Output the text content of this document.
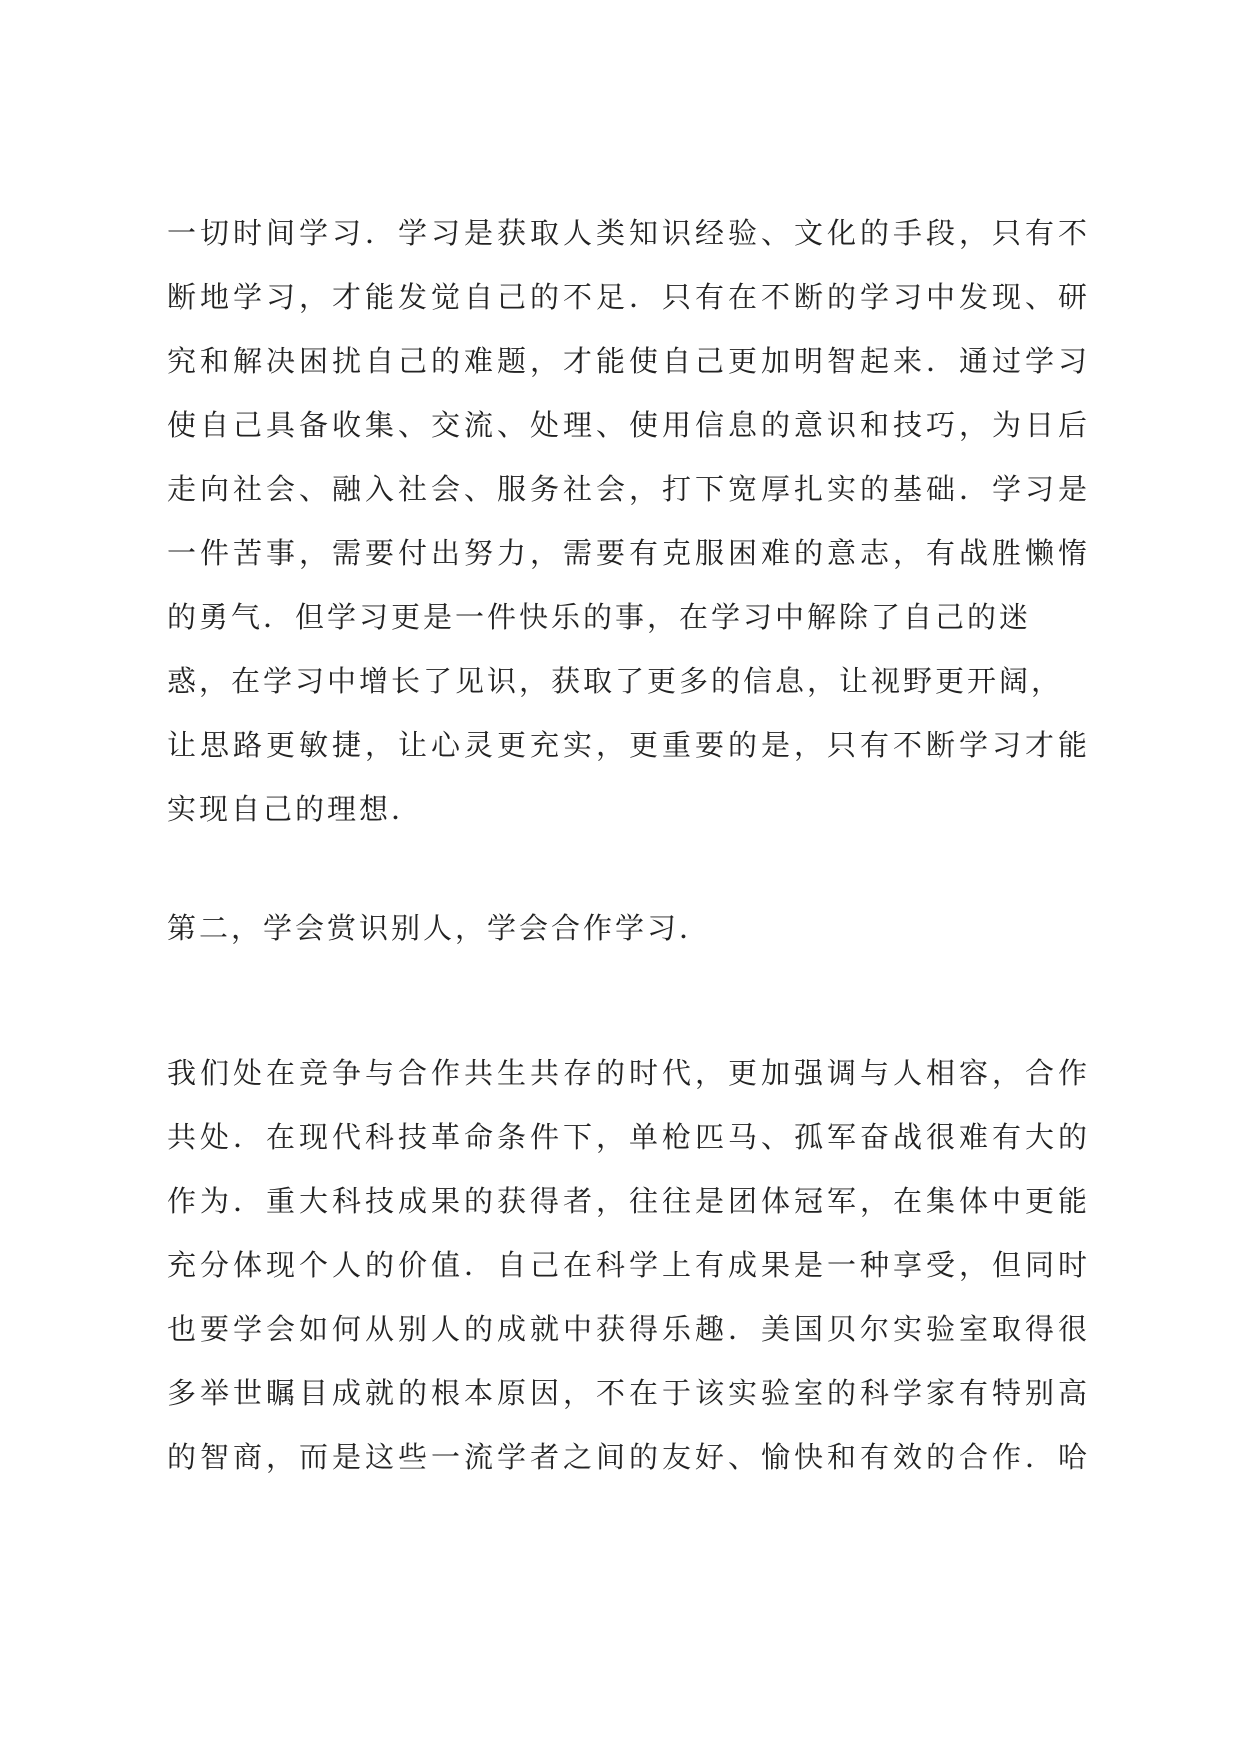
一切时间学习．学习是获取人类知识经验、文化的手段，只有不
断地学习，才能发觉自己的不足．只有在不断的学习中发现、研
究和解决困扰自己的难题，才能使自己更加明智起来．通过学习
使自己具备收集、交流、处理、使用信息的意识和技巧，为日后
走向社会、融入社会、服务社会，打下宽厚扎实的基础．学习是
一件苦事，需要付出努力，需要有克服困难的意志，有战胜懒惰
的勇气．但学习更是一件快乐的事，在学习中解除了自己的迷
惑，在学习中增长了见识，获取了更多的信息，让视野更开阔，
让思路更敏捷，让心灵更充实，更重要的是，只有不断学习才能
实现自己的理想．
第二，学会赏识别人，学会合作学习．
我们处在竞争与合作共生共存的时代，更加强调与人相容，合作
共处．在现代科技革命条件下，单枪匹马、孤军奋战很难有大的
作为．重大科技成果的获得者，往往是团体冠军，在集体中更能
充分体现个人的价值．自己在科学上有成果是一种享受，但同时
也要学会如何从别人的成就中获得乐趣．美国贝尔实验室取得很
多举世瞩目成就的根本原因，不在于该实验室的科学家有特别高
的智商，而是这些一流学者之间的友好、愉快和有效的合作．哈
